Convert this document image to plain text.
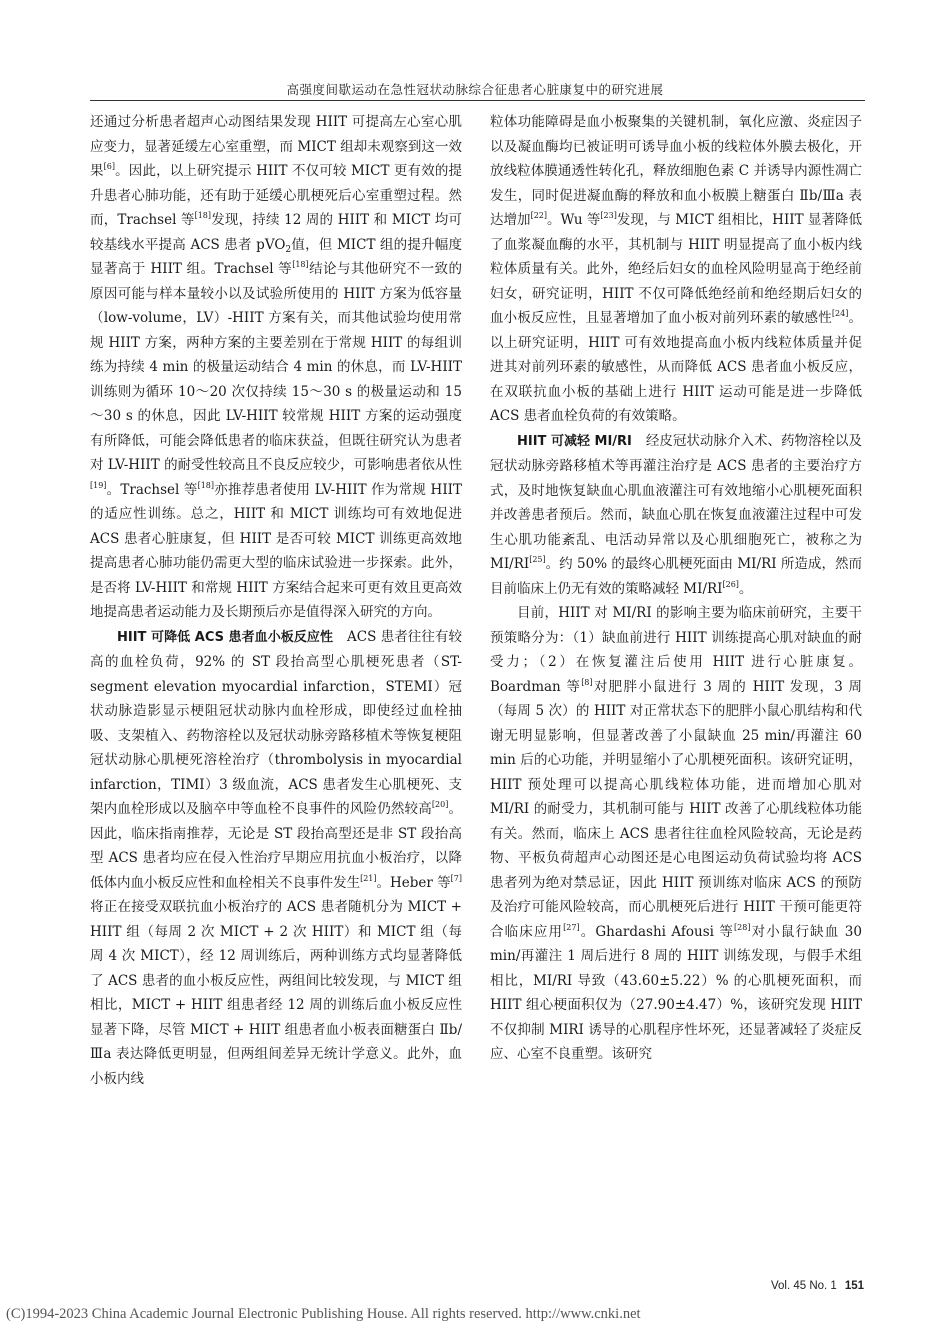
高强度间歇运动在急性冠状动脉综合征患者心脏康复中的研究进展

还通过分析患者超声心动图结果发现 HIIT 可提高左心室心肌应变力，显著延缓左心室重塑，而 MICT 组却未观察到这一效果[6]。因此，以上研究提示 HIIT 不仅可较 MICT 更有效的提升患者心肺功能，还有助于延缓心肌梗死后心室重塑过程。然而，Trachsel 等[18]发现，持续 12 周的 HIIT 和 MICT 均可较基线水平提高 ACS 患者 pVO$_2$值，但 MICT 组的提升幅度显著高于 HIIT 组。Trachsel 等[18]结论与其他研究不一致的原因可能与样本量较小以及试验所使用的 HIIT 方案为低容量（low-volume，LV）-HIIT 方案有关，而其他试验均使用常规 HIIT 方案，两种方案的主要差别在于常规 HIIT 的每组训练为持续 4 min 的极量运动结合 4 min 的休息，而 LV-HIIT 训练则为循环 10～20 次仅持续 15～30 s 的极量运动和 15～30 s 的休息，因此 LV-HIIT 较常规 HIIT 方案的运动强度有所降低，可能会降低患者的临床获益，但既往研究认为患者对 LV-HIIT 的耐受性较高且不良反应较少，可影响患者依从性[19]。Trachsel 等[18]亦推荐患者使用 LV-HIIT 作为常规 HIIT 的适应性训练。总之，HIIT 和 MICT 训练均可有效地促进 ACS 患者心脏康复，但 HIIT 是否可较 MICT 训练更高效地提高患者心肺功能仍需更大型的临床试验进一步探索。此外，是否将 LV-HIIT 和常规 HIIT 方案结合起来可更有效且更高效地提高患者运动能力及长期预后亦是值得深入研究的方向。

HIIT 可降低 ACS 患者血小板反应性 ACS 患者往往有较高的血栓负荷，92% 的 ST 段抬高型心肌梗死患者（ST-segment elevation myocardial infarction，STEMI）冠状动脉造影显示梗阻冠状动脉内血栓形成，即使经过血栓抽吸、支架植入、药物溶栓以及冠状动脉旁路移植术等恢复梗阻冠状动脉心肌梗死溶栓治疗（thrombolysis in myocardial infarction，TIMI）3 级血流，ACS 患者发生心肌梗死、支架内血栓形成以及脑卒中等血栓不良事件的风险仍然较高[20]。因此，临床指南推荐，无论是 ST 段抬高型还是非 ST 段抬高型 ACS 患者均应在侵入性治疗早期应用抗血小板治疗，以降低体内血小板反应性和血栓相关不良事件发生[21]。Heber 等[7]将正在接受双联抗血小板治疗的 ACS 患者随机分为 MICT + HIIT 组（每周 2 次 MICT + 2 次 HIIT）和 MICT 组（每周 4 次 MICT），经 12 周训练后，两种训练方式均显著降低了 ACS 患者的血小板反应性，两组间比较发现，与 MICT 组相比，MICT + HIIT 组患者经 12 周的训练后血小板反应性显著下降，尽管 MICT + HIIT 组患者血小板表面糖蛋白 Ⅱb/Ⅲa 表达降低更明显，但两组间差异无统计学意义。此外，血小板内线

粒体功能障碍是血小板聚集的关键机制，氧化应激、炎症因子以及凝血酶均已被证明可诱导血小板的线粒体外膜去极化，开放线粒体膜通透性转化孔，释放细胞色素 C 并诱导内源性凋亡发生，同时促进凝血酶的释放和血小板膜上糖蛋白 Ⅱb/Ⅲa 表达增加[22]。Wu 等[23]发现，与 MICT 组相比，HIIT 显著降低了血浆凝血酶的水平，其机制与 HIIT 明显提高了血小板内线粒体质量有关。此外，绝经后妇女的血栓风险明显高于绝经前妇女，研究证明，HIIT 不仅可降低绝经前和绝经期后妇女的血小板反应性，且显著增加了血小板对前列环素的敏感性[24]。以上研究证明，HIIT 可有效地提高血小板内线粒体质量并促进其对前列环素的敏感性，从而降低 ACS 患者血小板反应，在双联抗血小板的基础上进行 HIIT 运动可能是进一步降低 ACS 患者血栓负荷的有效策略。

HIIT 可减轻 MI/RI 经皮冠状动脉介入术、药物溶栓以及冠状动脉旁路移植术等再灌注治疗是 ACS 患者的主要治疗方式，及时地恢复缺血心肌血液灌注可有效地缩小心肌梗死面积并改善患者预后。然而，缺血心肌在恢复血液灌注过程中可发生心肌功能紊乱、电活动异常以及心肌细胞死亡，被称之为 MI/RI[25]。约 50% 的最终心肌梗死面由 MI/RI 所造成，然而目前临床上仍无有效的策略减轻 MI/RI[26]。

目前，HIIT 对 MI/RI 的影响主要为临床前研究，主要干预策略分为：（1）缺血前进行 HIIT 训练提高心肌对缺血的耐受力；（2）在恢复灌注后使用 HIIT 进行心脏康复。Boardman 等[8]对肥胖小鼠进行 3 周的 HIIT 发现，3 周（每周 5 次）的 HIIT 对正常状态下的肥胖小鼠心肌结构和代谢无明显影响，但显著改善了小鼠缺血 25 min/再灌注 60 min 后的心功能，并明显缩小了心肌梗死面积。该研究证明，HIIT 预处理可以提高心肌线粒体功能，进而增加心肌对 MI/RI 的耐受力，其机制可能与 HIIT 改善了心肌线粒体功能有关。然而，临床上 ACS 患者往往血栓风险较高，无论是药物、平板负荷超声心动图还是心电图运动负荷试验均将 ACS 患者列为绝对禁忌证，因此 HIIT 预训练对临床 ACS 的预防及治疗可能风险较高，而心肌梗死后进行 HIIT 干预可能更符合临床应用[27]。Ghardashi Afousi 等[28]对小鼠行缺血 30 min/再灌注 1 周后进行 8 周的 HIIT 训练发现，与假手术组相比，MI/RI 导致（43.60±5.22）% 的心肌梗死面积，而 HIIT 组心梗面积仅为（27.90±4.47）%，该研究发现 HIIT 不仅抑制 MIRI 诱导的心肌程序性坏死，还显著减轻了炎症反应、心室不良重塑。该研究

Vol. 45 No. 1 151
(C)1994-2023 China Academic Journal Electronic Publishing House. All rights reserved. http://www.cnki.net
